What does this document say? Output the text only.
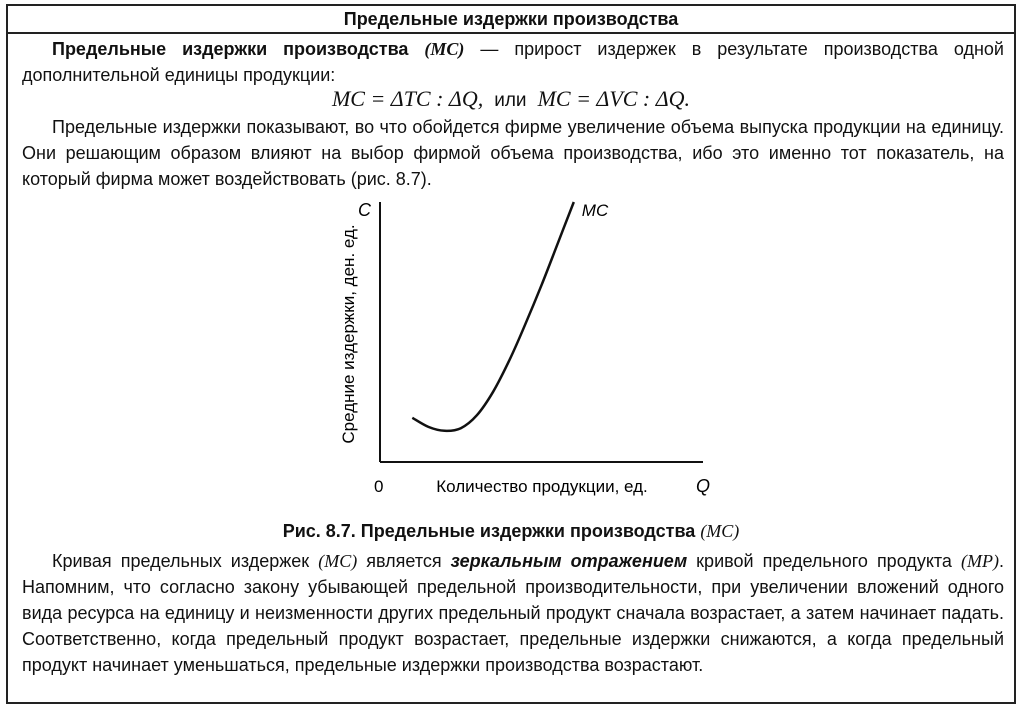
Предельные издержки производства
Предельные издержки производства (MC) — прирост издержек в результате производства одной дополнительной единицы продукции:
MC = ΔTC : ΔQ, или MC = ΔVC : ΔQ.
Предельные издержки показывают, во что обойдется фирме увеличение объема выпуска продукции на единицу. Они решающим образом влияют на выбор фирмой объема производства, ибо это именно тот показатель, на который фирма может воздействовать (рис. 8.7).
C
Q
0	Количество продукции, ед.
Средние издержки, ден. ед.
MC
Рис. 8.7. Предельные издержки производства (MC)
Кривая предельных издержек (MC) является зеркальным отражением кривой предельного продукта (MP). Напомним, что согласно закону убывающей предельной производительности, при увеличении вложений одного вида ресурса на единицу и неизменности других предельный продукт сначала возрастает, а затем начинает падать. Соответственно, когда предельный продукт возрастает, предельные издержки снижаются, а когда предельный продукт начинает уменьшаться, предельные издержки производства возрастают.
